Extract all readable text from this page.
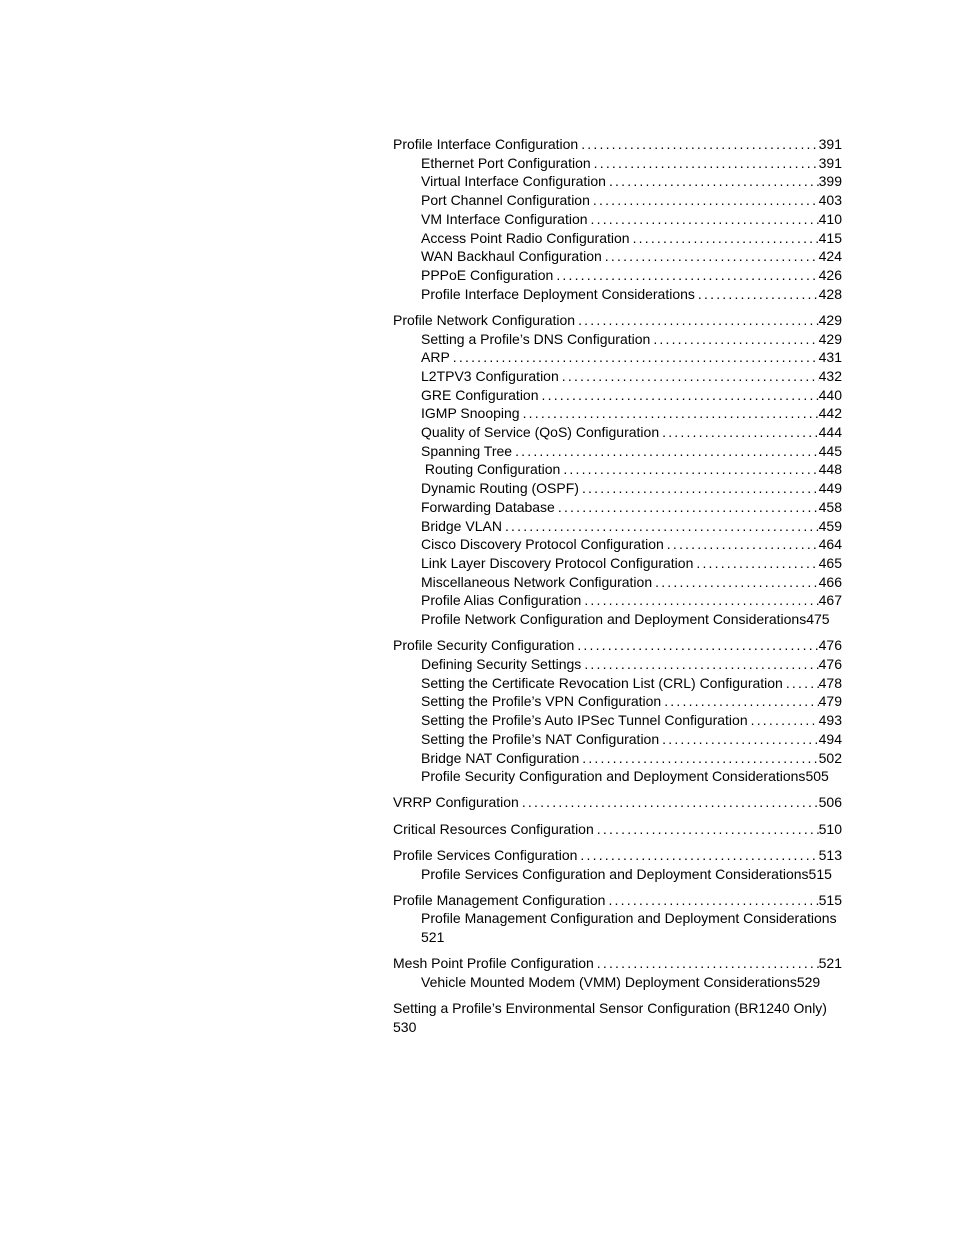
Profile Interface Configuration .....	391
Ethernet Port Configuration .....	391
Virtual Interface Configuration .....	399
Port Channel Configuration .....	403
VM Interface Configuration .....	410
Access Point Radio Configuration .....	415
WAN Backhaul Configuration .....	424
PPPoE Configuration .....	426
Profile Interface Deployment Considerations .....	428
Profile Network Configuration .....	429
Setting a Profile’s DNS Configuration .....	429
ARP .....	431
L2TPV3 Configuration .....	432
GRE Configuration .....	440
IGMP Snooping .....	442
Quality of Service (QoS) Configuration .....	444
Spanning Tree .....	445
Routing Configuration .....	448
Dynamic Routing (OSPF) .....	449
Forwarding Database .....	458
Bridge VLAN .....	459
Cisco Discovery Protocol Configuration .....	464
Link Layer Discovery Protocol Configuration .....	465
Miscellaneous Network Configuration .....	466
Profile Alias Configuration .....	467
Profile Network Configuration and Deployment Considerations 475
Profile Security Configuration .....	476
Defining Security Settings .....	476
Setting the Certificate Revocation List (CRL) Configuration .....	478
Setting the Profile’s VPN Configuration .....	479
Setting the Profile’s Auto IPSec Tunnel Configuration .....	493
Setting the Profile’s NAT Configuration .....	494
Bridge NAT Configuration .....	502
Profile Security Configuration and Deployment Considerations 505
VRRP Configuration .....	506
Critical Resources Configuration .....	510
Profile Services Configuration .....	513
Profile Services Configuration and Deployment Considerations 515
Profile Management Configuration .....	515
Profile Management Configuration and Deployment Considerations
521
Mesh Point Profile Configuration .....	521
Vehicle Mounted Modem (VMM) Deployment Considerations 529
Setting a Profile’s Environmental Sensor Configuration (BR1240 Only)
530
